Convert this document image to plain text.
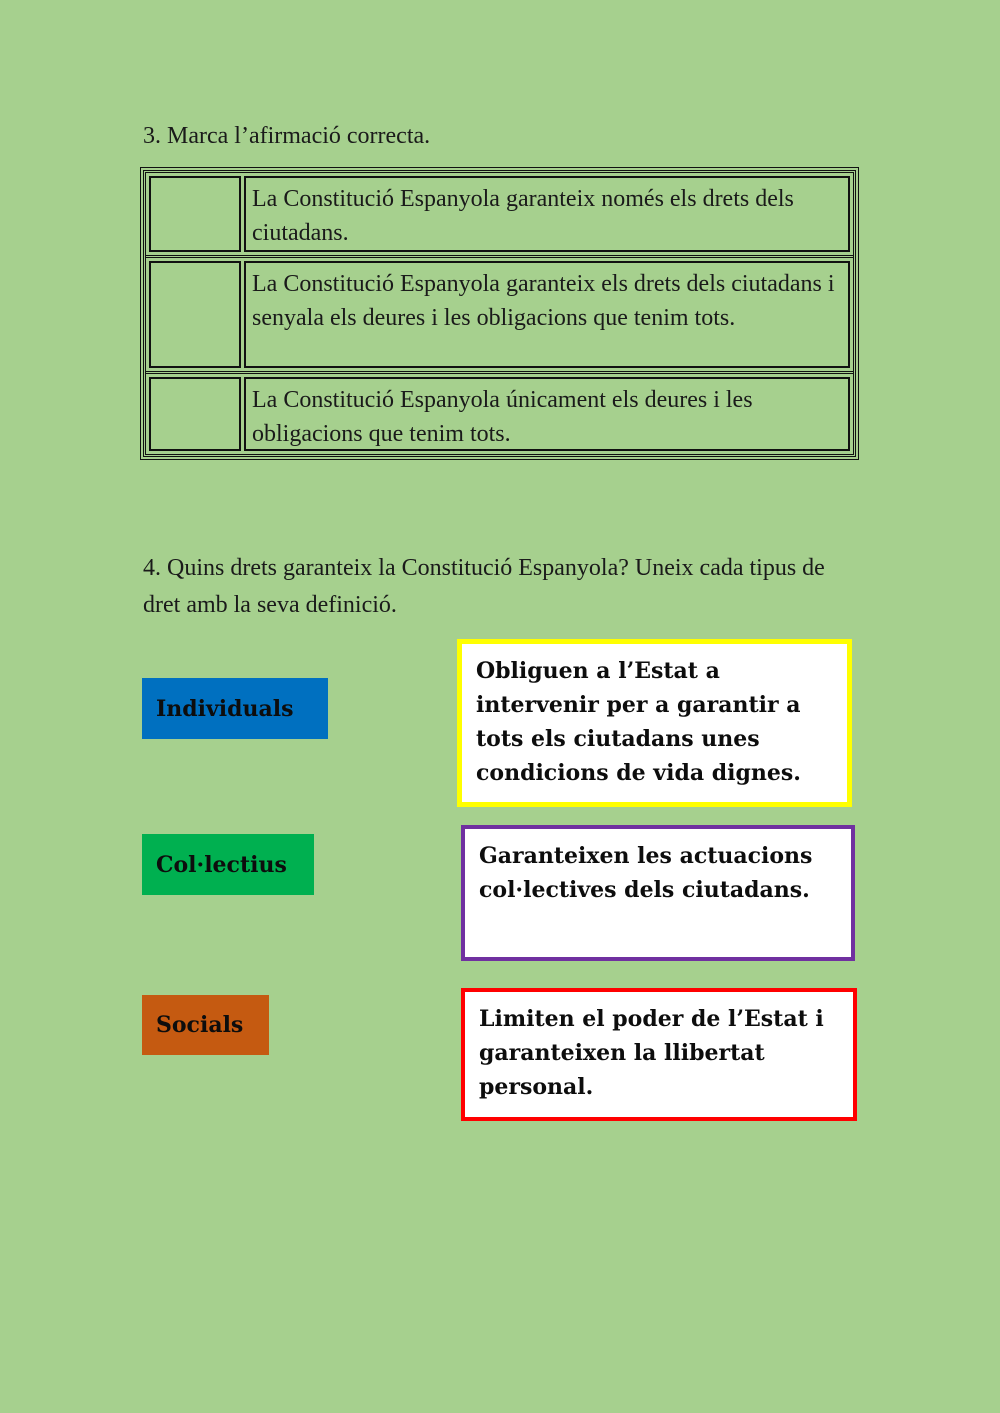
3. Marca l’afirmació correcta.
La Constitució Espanyola garanteix només els drets dels ciutadans.
La Constitució Espanyola garanteix els drets dels ciutadans i senyala els deures i les obligacions que tenim tots.
La Constitució Espanyola únicament els deures i les obligacions que tenim tots.
4. Quins drets garanteix la Constitució Espanyola? Uneix cada tipus de dret amb la seva definició.
Individuals
Col·lectius
Socials
Obliguen a l’Estat a intervenir per a garantir a tots els ciutadans unes condicions de vida dignes.
Garanteixen les actuacions col·lectives dels ciutadans.
Limiten el poder de l’Estat i garanteixen la llibertat personal.
